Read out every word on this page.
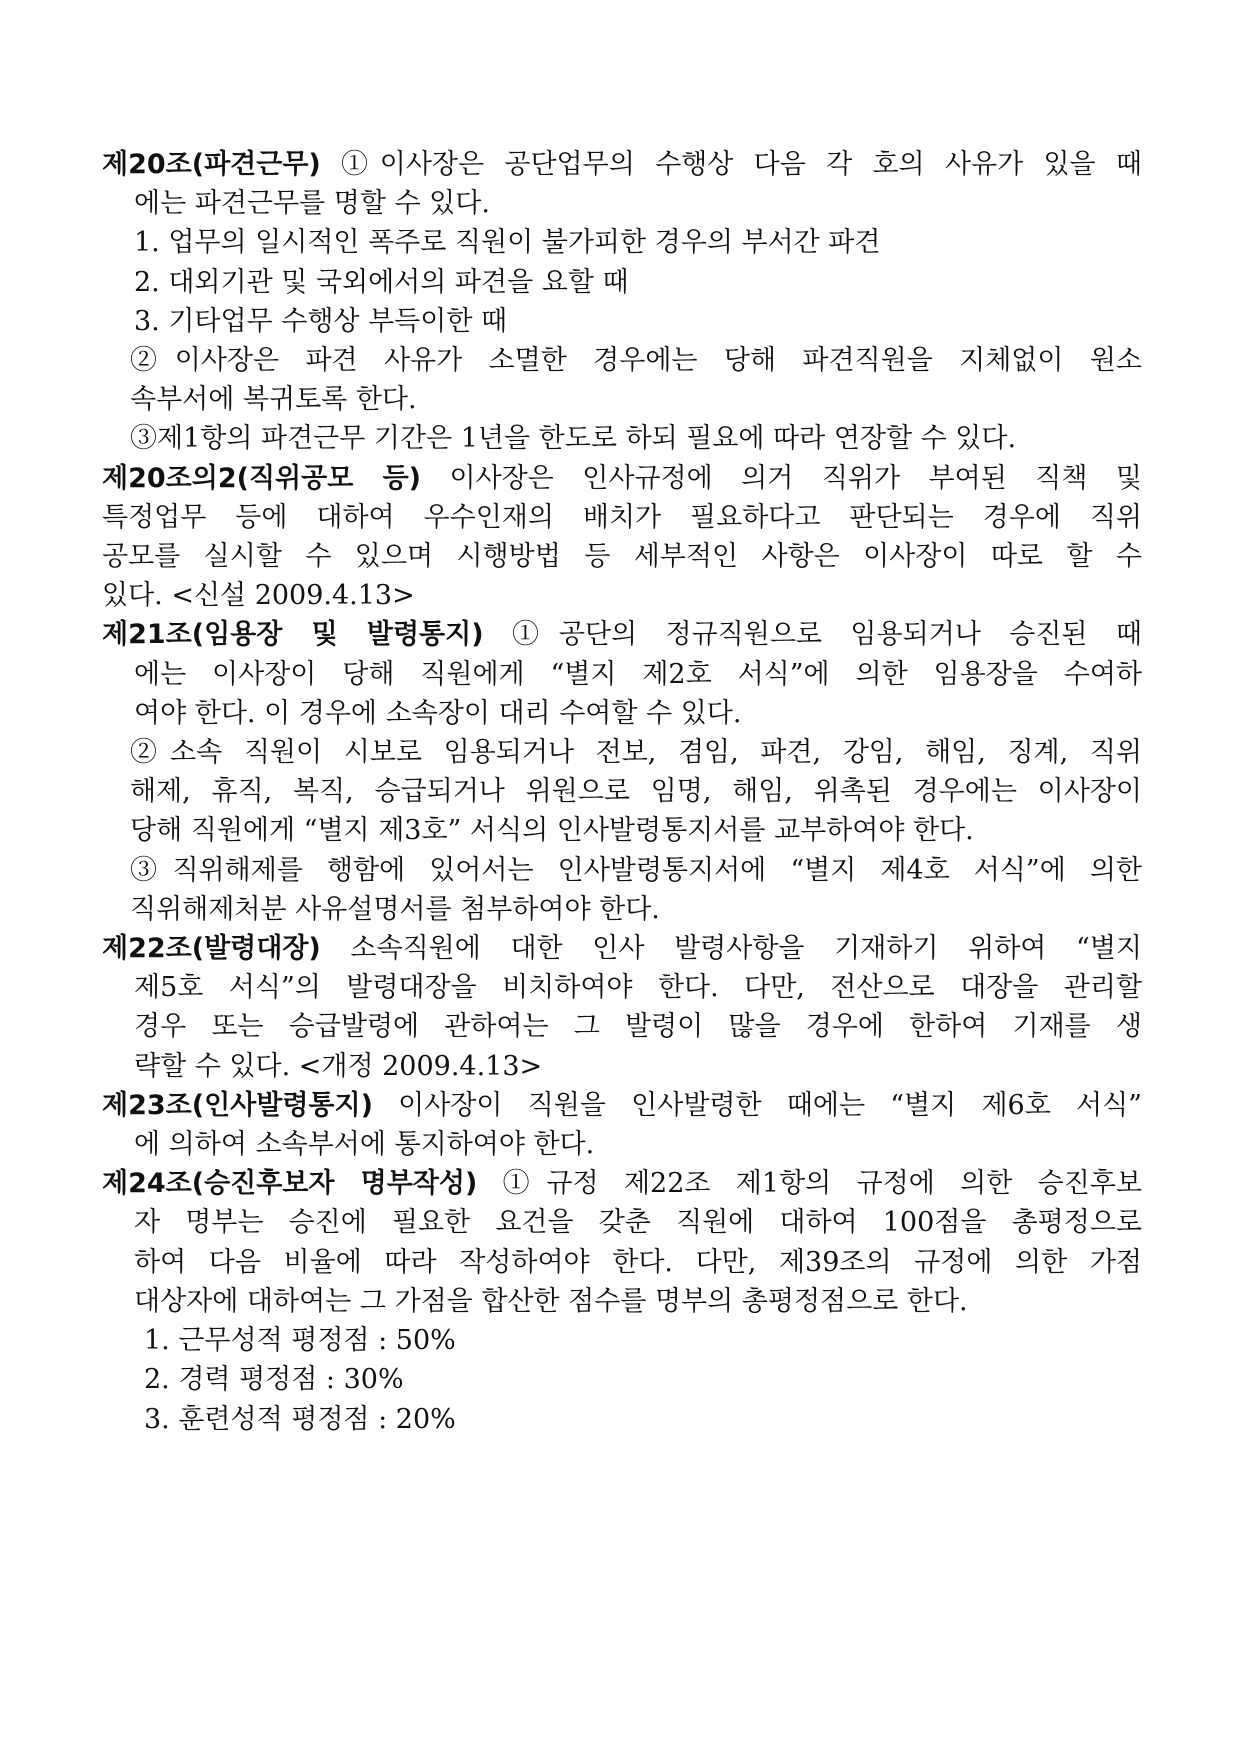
제20조(파견근무) ①이사장은 공단업무의 수행상 다음 각 호의 사유가 있을 때
에는 파견근무를 명할 수 있다.
1. 업무의 일시적인 폭주로 직원이 불가피한 경우의 부서간 파견
2. 대외기관 및 국외에서의 파견을 요할 때
3. 기타업무 수행상 부득이한 때
②이사장은 파견 사유가 소멸한 경우에는 당해 파견직원을 지체없이 원소
속부서에 복귀토록 한다.
③제1항의 파견근무 기간은 1년을 한도로 하되 필요에 따라 연장할 수 있다.
제20조의2(직위공모 등) 이사장은 인사규정에 의거 직위가 부여된 직책 및
특정업무 등에 대하여 우수인재의 배치가 필요하다고 판단되는 경우에 직위
공모를 실시할 수 있으며 시행방법 등 세부적인 사항은 이사장이 따로 할 수
있다. <신설 2009.4.13>
제21조(임용장 및 발령통지) ①공단의 정규직원으로 임용되거나 승진된 때
에는 이사장이 당해 직원에게 “별지 제2호 서식”에 의한 임용장을 수여하
여야 한다. 이 경우에 소속장이 대리 수여할 수 있다.
②소속 직원이 시보로 임용되거나 전보, 겸임, 파견, 강임, 해임, 징계, 직위
해제, 휴직, 복직, 승급되거나 위원으로 임명, 해임, 위촉된 경우에는 이사장이
당해 직원에게 “별지 제3호” 서식의 인사발령통지서를 교부하여야 한다.
③직위해제를 행함에 있어서는 인사발령통지서에 “별지 제4호 서식”에 의한
직위해제처분 사유설명서를 첨부하여야 한다.
제22조(발령대장) 소속직원에 대한 인사 발령사항을 기재하기 위하여 “별지
제5호 서식”의 발령대장을 비치하여야 한다. 다만, 전산으로 대장을 관리할
경우 또는 승급발령에 관하여는 그 발령이 많을 경우에 한하여 기재를 생
략할 수 있다. <개정 2009.4.13>
제23조(인사발령통지) 이사장이 직원을 인사발령한 때에는 “별지 제6호 서식”
에 의하여 소속부서에 통지하여야 한다.
제24조(승진후보자 명부작성) ①규정 제22조 제1항의 규정에 의한 승진후보
자 명부는 승진에 필요한 요건을 갖춘 직원에 대하여 100점을 총평정으로
하여 다음 비율에 따라 작성하여야 한다. 다만, 제39조의 규정에 의한 가점
대상자에 대하여는 그 가점을 합산한 점수를 명부의 총평정점으로 한다.
1. 근무성적 평정점 : 50%
2. 경력 평정점 : 30%
3. 훈련성적 평정점 : 20%
